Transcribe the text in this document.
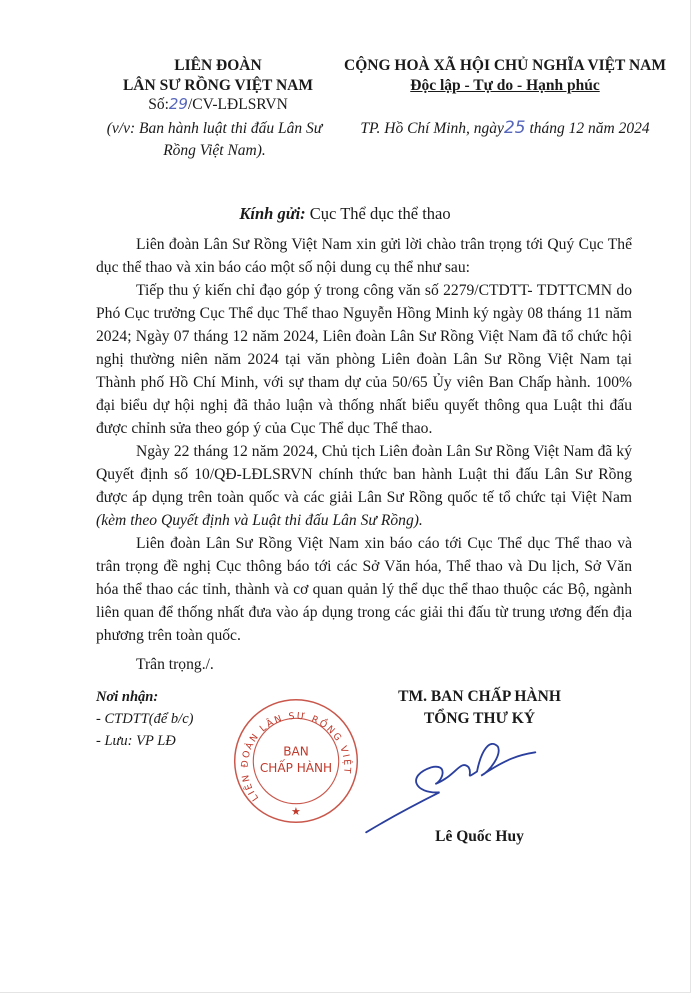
LIÊN ĐOÀN
LÂN SƯ RỒNG VIỆT NAM
Số:29/CV-LĐLSRVN
(v/v: Ban hành luật thi đấu Lân Sư Rồng Việt Nam).
CỘNG HOÀ XÃ HỘI CHỦ NGHĨA VIỆT NAM
Độc lập - Tự do - Hạnh phúc
TP. Hồ Chí Minh, ngày25 tháng 12 năm 2024
Kính gửi: Cục Thể dục thể thao

Liên đoàn Lân Sư Rồng Việt Nam xin gửi lời chào trân trọng tới Quý Cục Thể dục thể thao và xin báo cáo một số nội dung cụ thể như sau:

Tiếp thu ý kiến chỉ đạo góp ý trong công văn số 2279/CTDTT- TDTTCMN do Phó Cục trưởng Cục Thể dục Thể thao Nguyễn Hồng Minh ký ngày 08 tháng 11 năm 2024; Ngày 07 tháng 12 năm 2024, Liên đoàn Lân Sư Rồng Việt Nam đã tổ chức hội nghị thường niên năm 2024 tại văn phòng Liên đoàn Lân Sư Rồng Việt Nam tại Thành phố Hồ Chí Minh, với sự tham dự của 50/65 Ủy viên Ban Chấp hành. 100% đại biểu dự hội nghị đã thảo luận và thống nhất biểu quyết thông qua Luật thi đấu được chỉnh sửa theo góp ý của Cục Thể dục Thể thao.

Ngày 22 tháng 12 năm 2024, Chủ tịch Liên đoàn Lân Sư Rồng Việt Nam đã ký Quyết định số 10/QĐ-LĐLSRVN chính thức ban hành Luật thi đấu Lân Sư Rồng được áp dụng trên toàn quốc và các giải Lân Sư Rồng quốc tế tổ chức tại Việt Nam (kèm theo Quyết định và Luật thi đấu Lân Sư Rồng).

Liên đoàn Lân Sư Rồng Việt Nam xin báo cáo tới Cục Thể dục Thể thao và trân trọng đề nghị Cục thông báo tới các Sở Văn hóa, Thể thao và Du lịch, Sở Văn hóa thể thao các tỉnh, thành và cơ quan quản lý thể dục thể thao thuộc các Bộ, ngành liên quan để thống nhất đưa vào áp dụng trong các giải thi đấu từ trung ương đến địa phương trên toàn quốc.

Trân trọng./.
Nơi nhận:
- CTDTT(để b/c)
- Lưu: VP LĐ
LIÊN ĐOÀN LÂN SƯ RỒNG VIỆT
BAN
CHẤP HÀNH
★
TM. BAN CHẤP HÀNH
TỔNG THƯ KÝ
Lê Quốc Huy
